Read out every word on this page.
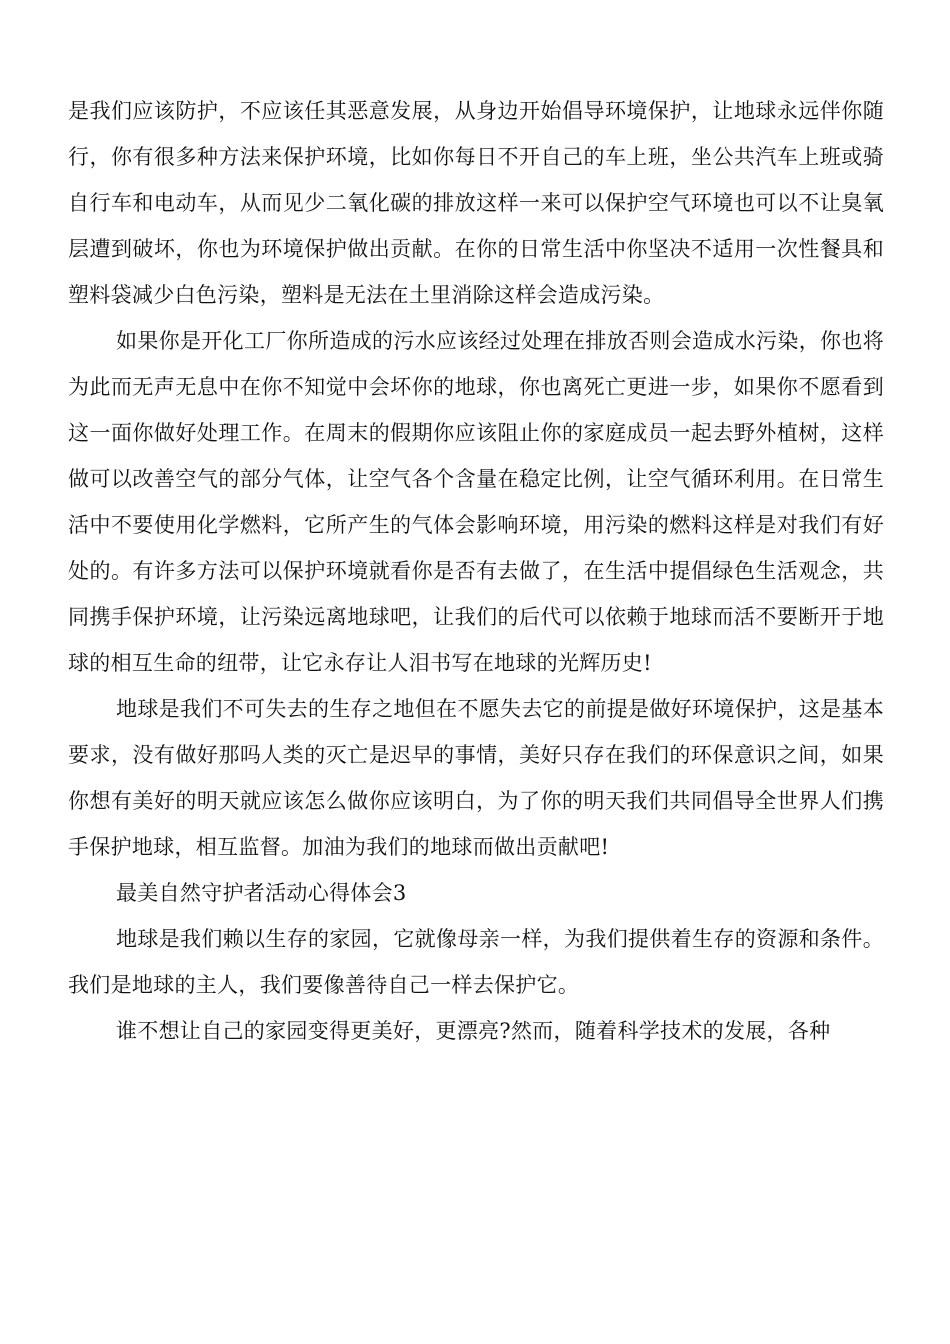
是我们应该防护，不应该任其恶意发展，从身边开始倡导环境保护，让地球永远伴你随行，你有很多种方法来保护环境，比如你每日不开自己的车上班，坐公共汽车上班或骑自行车和电动车，从而见少二氧化碳的排放这样一来可以保护空气环境也可以不让臭氧层遭到破坏，你也为环境保护做出贡献。在你的日常生活中你坚决不适用一次性餐具和塑料袋减少白色污染，塑料是无法在土里消除这样会造成污染。

如果你是开化工厂你所造成的污水应该经过处理在排放否则会造成水污染，你也将为此而无声无息中在你不知觉中会坏你的地球，你也离死亡更进一步，如果你不愿看到这一面你做好处理工作。在周末的假期你应该阻止你的家庭成员一起去野外植树，这样做可以改善空气的部分气体，让空气各个含量在稳定比例，让空气循环利用。在日常生活中不要使用化学燃料，它所产生的气体会影响环境，用污染的燃料这样是对我们有好处的。有许多方法可以保护环境就看你是否有去做了，在生活中提倡绿色生活观念，共同携手保护环境，让污染远离地球吧，让我们的后代可以依赖于地球而活不要断开于地球的相互生命的纽带，让它永存让人泪书写在地球的光辉历史!

地球是我们不可失去的生存之地但在不愿失去它的前提是做好环境保护，这是基本要求，没有做好那吗人类的灭亡是迟早的事情，美好只存在我们的环保意识之间，如果你想有美好的明天就应该怎么做你应该明白，为了你的明天我们共同倡导全世界人们携手保护地球，相互监督。加油为我们的地球而做出贡献吧!

最美自然守护者活动心得体会3

地球是我们赖以生存的家园，它就像母亲一样，为我们提供着生存的资源和条件。我们是地球的主人，我们要像善待自己一样去保护它。

谁不想让自己的家园变得更美好，更漂亮?然而，随着科学技术的发展，各种
